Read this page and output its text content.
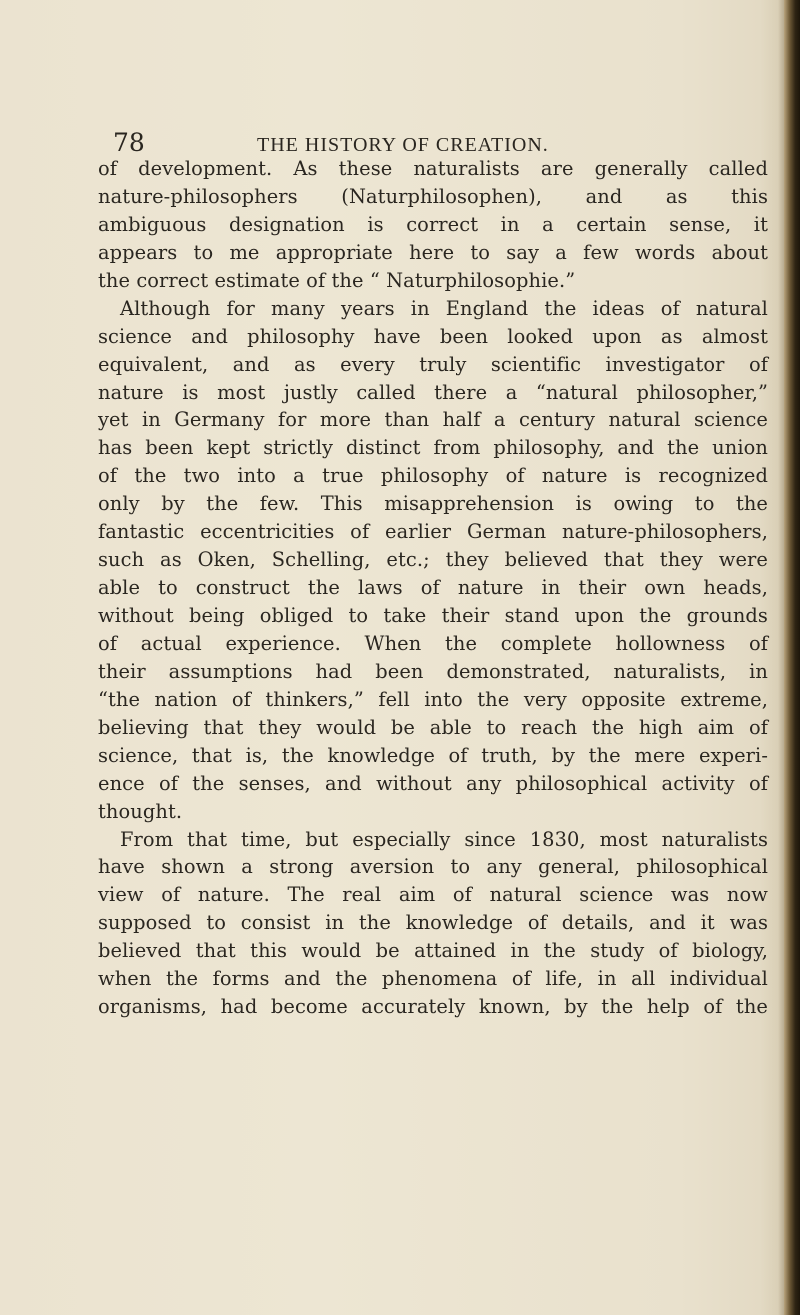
78	THE HISTORY OF CREATION.
of development. As these naturalists are generally called
nature-philosophers (Naturphilosophen), and as this
ambiguous designation is correct in a certain sense, it
appears to me appropriate here to say a few words about
the correct estimate of the “ Naturphilosophie.”
Although for many years in England the ideas of natural
science and philosophy have been looked upon as almost
equivalent, and as every truly scientific investigator of
nature is most justly called there a “natural philosopher,”
yet in Germany for more than half a century natural science
has been kept strictly distinct from philosophy, and the union
of the two into a true philosophy of nature is recognized
only by the few. This misapprehension is owing to the
fantastic eccentricities of earlier German nature-philosophers,
such as Oken, Schelling, etc.; they believed that they were
able to construct the laws of nature in their own heads,
without being obliged to take their stand upon the grounds
of actual experience. When the complete hollowness of
their assumptions had been demonstrated, naturalists, in
“the nation of thinkers,” fell into the very opposite extreme,
believing that they would be able to reach the high aim of
science, that is, the knowledge of truth, by the mere experi-
ence of the senses, and without any philosophical activity of
thought.
From that time, but especially since 1830, most naturalists
have shown a strong aversion to any general, philosophical
view of nature. The real aim of natural science was now
supposed to consist in the knowledge of details, and it was
believed that this would be attained in the study of biology,
when the forms and the phenomena of life, in all individual
organisms, had become accurately known, by the help of the
